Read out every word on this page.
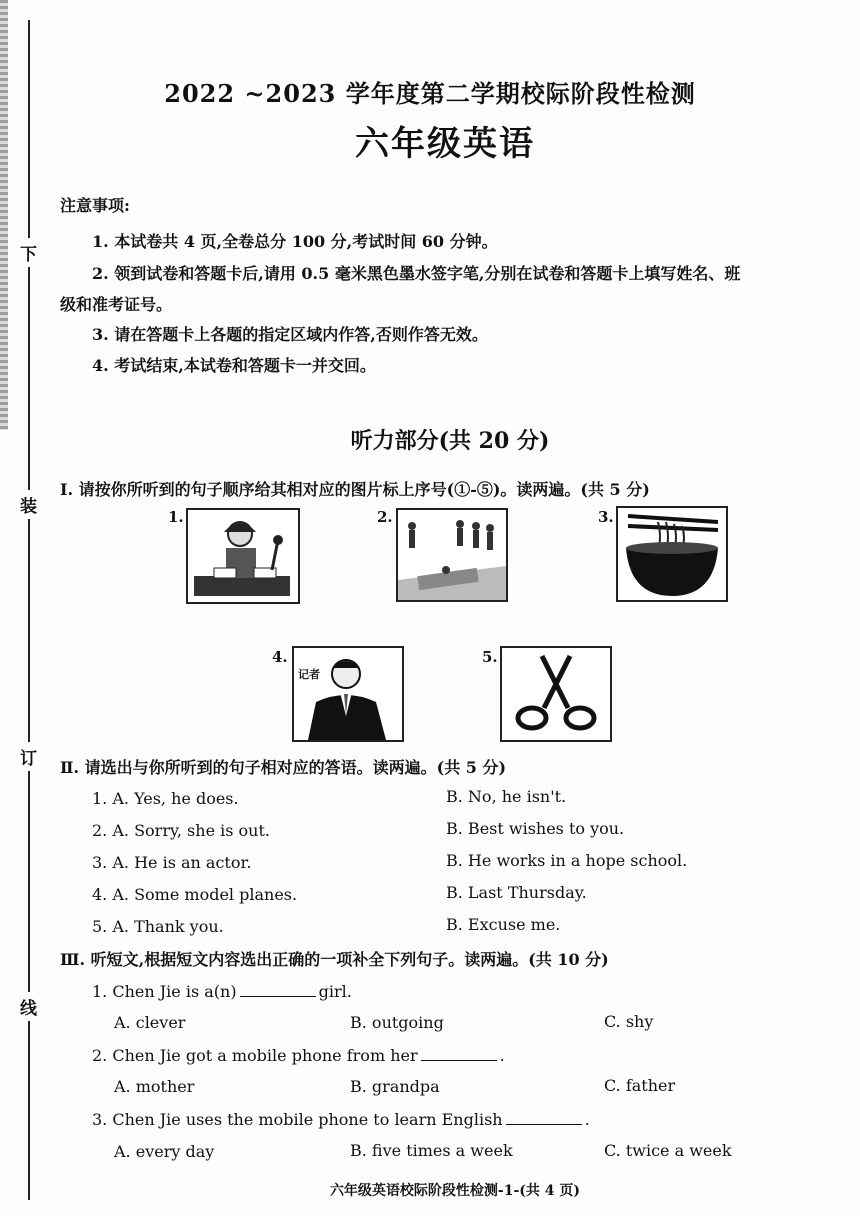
下
装
订
线
2022 ~2023 学年度第二学期校际阶段性检测
六年级英语
注意事项:
1. 本试卷共 4 页,全卷总分 100 分,考试时间 60 分钟。
2. 领到试卷和答题卡后,请用 0.5 毫米黑色墨水签字笔,分别在试卷和答题卡上填写姓名、班
级和准考证号。
3. 请在答题卡上各题的指定区域内作答,否则作答无效。
4. 考试结束,本试卷和答题卡一并交回。
听力部分(共 20 分)
Ⅰ. 请按你所听到的句子顺序给其相对应的图片标上序号(①-⑤)。读两遍。(共 5 分)
1.	2.	3.
4.
记者
5.
Ⅱ. 请选出与你所听到的句子相对应的答语。读两遍。(共 5 分)
1. A. Yes, he does.	B. No, he isn't.
2. A. Sorry, she is out.	B. Best wishes to you.
3. A. He is an actor.	B. He works in a hope school.
4. A. Some model planes.	B. Last Thursday.
5. A. Thank you.	B. Excuse me.
Ⅲ. 听短文,根据短文内容选出正确的一项补全下列句子。读两遍。(共 10 分)
1. Chen Jie is a(n)	girl.
A. clever	B. outgoing	C. shy
2. Chen Jie got a mobile phone from her	.
A. mother	B. grandpa	C. father
3. Chen Jie uses the mobile phone to learn English	.
A. every day	B. five times a week	C. twice a week
六年级英语校际阶段性检测-1-(共 4 页)
